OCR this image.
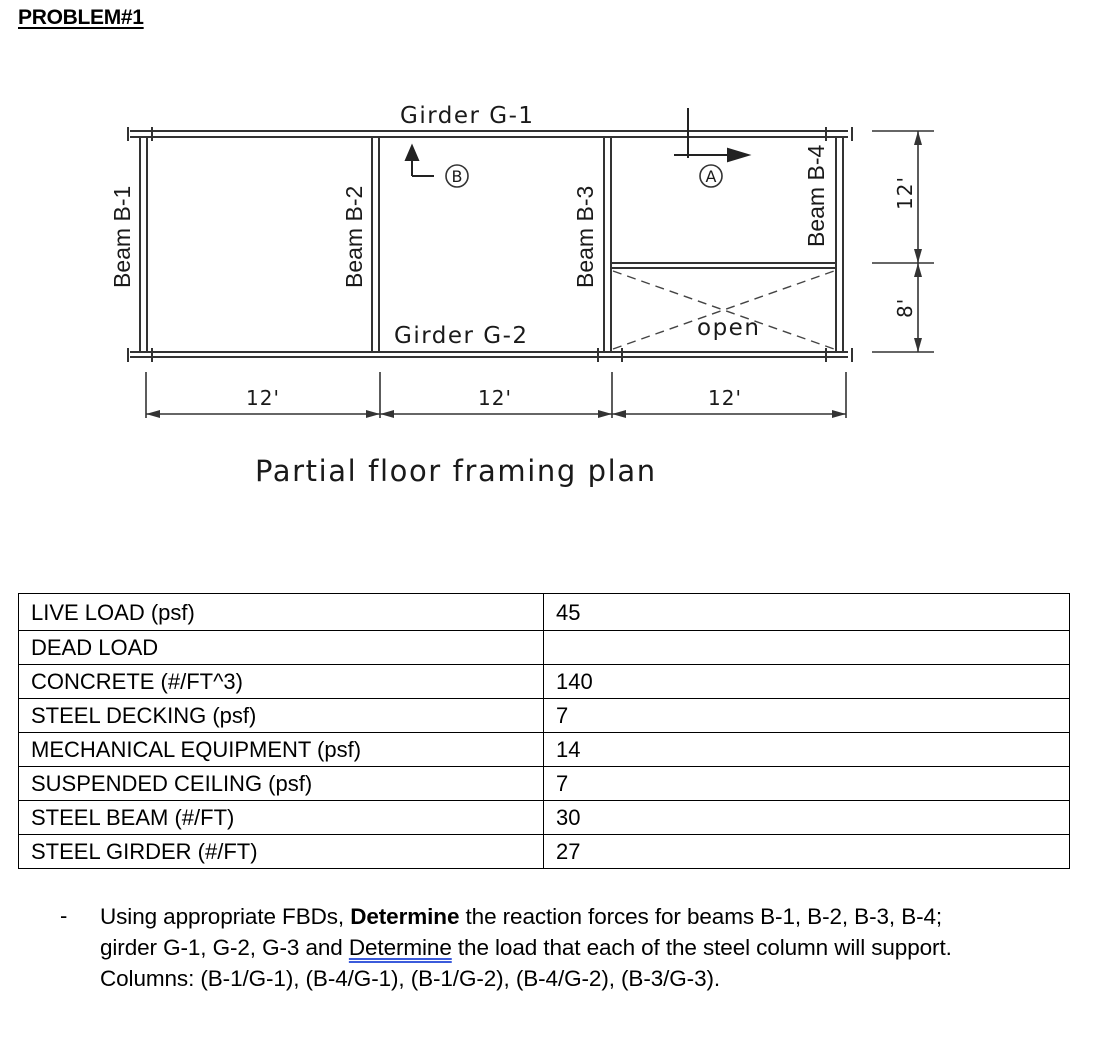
PROBLEM#1
B	A
Girder G-1
Girder G-2	open
Beam B-1	Beam B-2	Beam B-3	Beam B-4
12'	12'	12'
12'
8'
Partial floor framing plan
LIVE LOAD (psf)	45
DEAD LOAD	
CONCRETE (#/FT^3)	140
STEEL DECKING (psf)	7
MECHANICAL EQUIPMENT (psf)	14
SUSPENDED CEILING (psf)	7
STEEL BEAM (#/FT)	30
STEEL GIRDER (#/FT)	27
- Using appropriate FBDs, Determine the reaction forces for beams B-1, B-2, B-3, B-4;
girder G-1, G-2, G-3 and Determine the load that each of the steel column will support.
Columns: (B-1/G-1), (B-4/G-1), (B-1/G-2), (B-4/G-2), (B-3/G-3).
